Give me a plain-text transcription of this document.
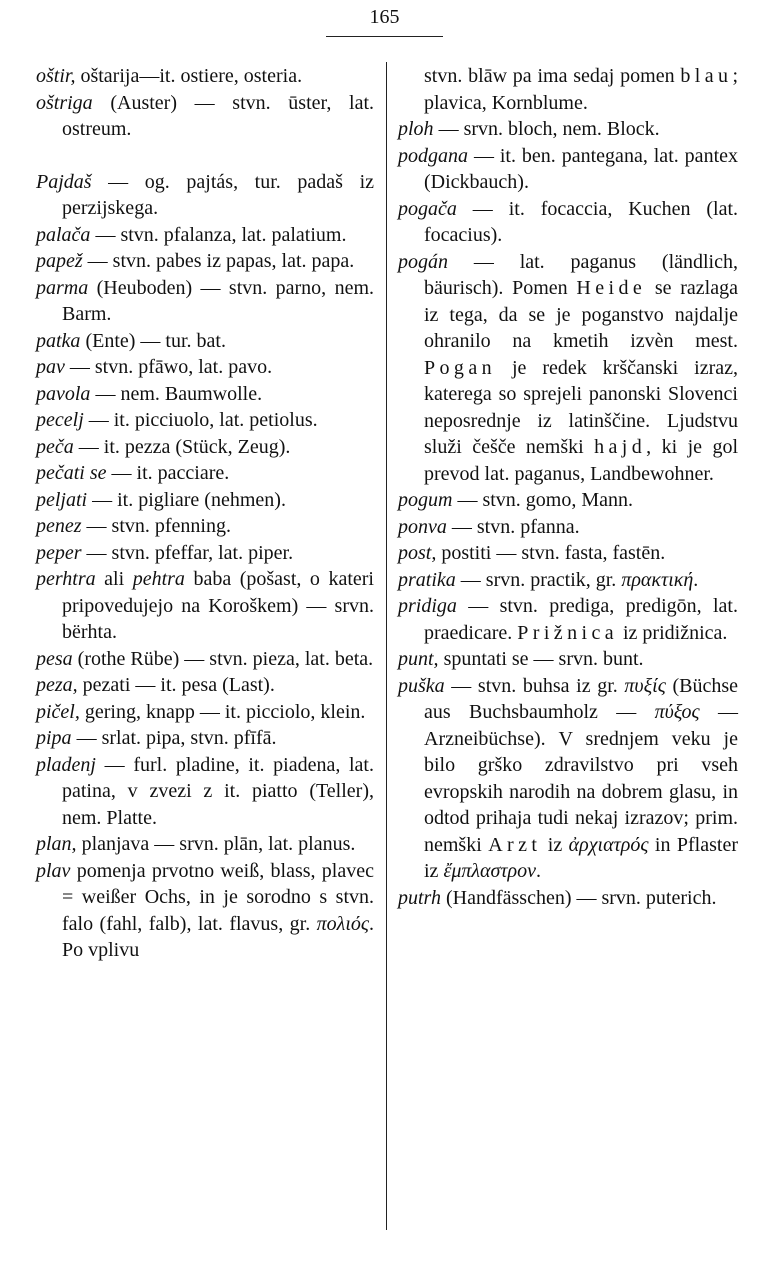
165

oštir, oštarija—it. ostiere, osteria.

oštriga (Auster) — stvn. ūster, lat. ostreum.

Pajdaš — og. pajtás, tur. padaš iz perzijskega.

palača — stvn. pfalanza, lat. palatium.

papež — stvn. pabes iz papas, lat. papa.

parma (Heuboden) — stvn. parno, nem. Barm.

patka (Ente) — tur. bat.

pav — stvn. pfāwo, lat. pavo.

pavola — nem. Baumwolle.

pecelj — it. picciuolo, lat. petiolus.

peča — it. pezza (Stück, Zeug).

pečati se — it. pacciare.

peljati — it. pigliare (nehmen).

penez — stvn. pfenning.

peper — stvn. pfeffar, lat. piper.

perhtra ali pehtra baba (pošast, o kateri pripovedujejo na Koroškem) — srvn. bërhta.

pesa (rothe Rübe) — stvn. pieza, lat. beta.

peza, pezati — it. pesa (Last).

pičel, gering, knapp — it. picciolo, klein.

pipa — srlat. pipa, stvn. pfīfā.

pladenj — furl. pladine, it. piadena, lat. patina, v zvezi z it. piatto (Teller), nem. Platte.

plan, planjava — srvn. plān, lat. planus.

plav pomenja prvotno weiß, blass, plavec = weißer Ochs, in je sorodno s stvn. falo (fahl, falb), lat. flavus, gr. πολιός. Po vplivu

stvn. blāw pa ima sedaj pomen blau; plavica, Kornblume.

ploh — srvn. bloch, nem. Block.

podgana — it. ben. pantegana, lat. pantex (Dickbauch).

pogača — it. focaccia, Kuchen (lat. focacius).

pogán — lat. paganus (ländlich, bäurisch). Pomen Heide se razlaga iz tega, da se je poganstvo najdalje ohranilo na kmetih izvèn mest. Pogan je redek krščanski izraz, katerega so sprejeli panonski Slovenci neposrednje iz latinščine. Ljudstvu služi češče nemški hajd, ki je gol prevod lat. paganus, Landbewohner.

pogum — stvn. gomo, Mann.

ponva — stvn. pfanna.

post, postiti — stvn. fasta, fastēn.

pratika — srvn. practik, gr. πρακτική.

pridiga — stvn. prediga, predigōn, lat. praedicare. Prižnica iz pridižnica.

punt, spuntati se — srvn. bunt.

puška — stvn. buhsa iz gr. πυξίς (Büchse aus Buchsbaumholz — πύξος — Arzneibüchse). V srednjem veku je bilo grško zdravilstvo pri vseh evropskih narodih na dobrem glasu, in odtod prihaja tudi nekaj izrazov; prim. nemški Arzt iz ἀρχιατρός in Pflaster iz ἔμπλαστρον.

putrh (Handfässchen) — srvn. puterich.
